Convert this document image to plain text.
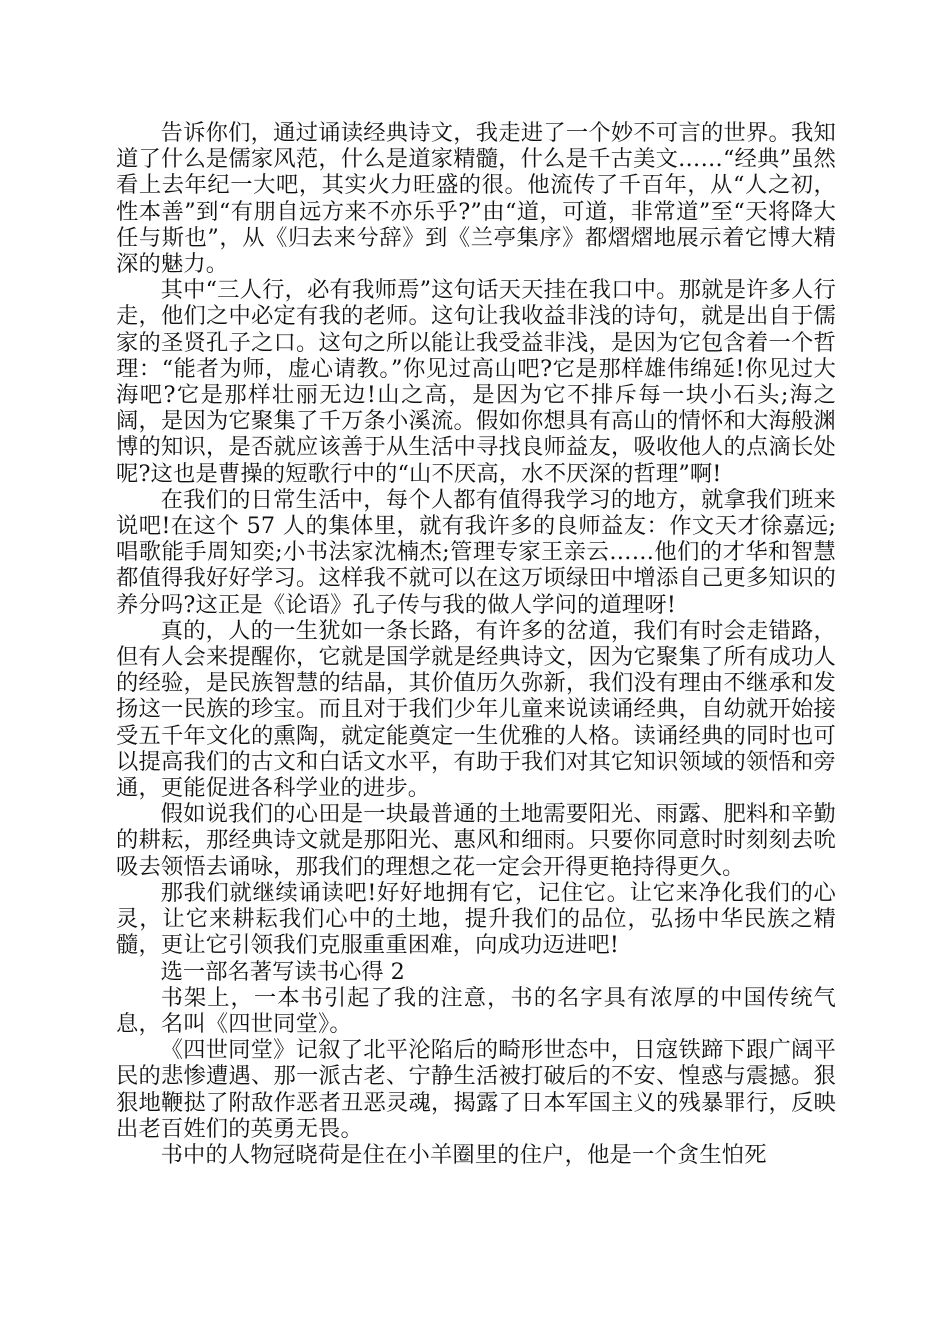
告诉你们，通过诵读经典诗文，我走进了一个妙不可言的世界。我知道了什么是儒家风范，什么是道家精髓，什么是千古美文……“经典”虽然看上去年纪一大吧，其实火力旺盛的很。他流传了千百年，从“人之初，性本善”到“有朋自远方来不亦乐乎?”由“道，可道，非常道”至“天将降大任与斯也”，从《归去来兮辞》到《兰亭集序》都熠熠地展示着它博大精深的魅力。

其中“三人行，必有我师焉”这句话天天挂在我口中。那就是许多人行走，他们之中必定有我的老师。这句让我收益非浅的诗句，就是出自于儒家的圣贤孔子之口。这句之所以能让我受益非浅，是因为它包含着一个哲理：“能者为师，虚心请教。”你见过高山吧?它是那样雄伟绵延!你见过大海吧?它是那样壮丽无边!山之高，是因为它不排斥每一块小石头;海之阔，是因为它聚集了千万条小溪流。假如你想具有高山的情怀和大海般渊博的知识，是否就应该善于从生活中寻找良师益友，吸收他人的点滴长处呢?这也是曹操的短歌行中的“山不厌高，水不厌深的哲理”啊!

在我们的日常生活中，每个人都有值得我学习的地方，就拿我们班来说吧!在这个 57 人的集体里，就有我许多的良师益友：作文天才徐嘉远;唱歌能手周知奕;小书法家沈楠杰;管理专家王亲云……他们的才华和智慧都值得我好好学习。这样我不就可以在这万顷绿田中增添自己更多知识的养分吗?这正是《论语》孔子传与我的做人学问的道理呀!

真的，人的一生犹如一条长路，有许多的岔道，我们有时会走错路，但有人会来提醒你，它就是国学就是经典诗文，因为它聚集了所有成功人的经验，是民族智慧的结晶，其价值历久弥新，我们没有理由不继承和发扬这一民族的珍宝。而且对于我们少年儿童来说读诵经典，自幼就开始接受五千年文化的熏陶，就定能奠定一生优雅的人格。读诵经典的同时也可以提高我们的古文和白话文水平，有助于我们对其它知识领域的领悟和旁通，更能促进各科学业的进步。

假如说我们的心田是一块最普通的土地需要阳光、雨露、肥料和辛勤的耕耘，那经典诗文就是那阳光、惠风和细雨。只要你同意时时刻刻去吮吸去领悟去诵咏，那我们的理想之花一定会开得更艳持得更久。

那我们就继续诵读吧!好好地拥有它，记住它。让它来净化我们的心灵，让它来耕耘我们心中的土地，提升我们的品位，弘扬中华民族之精髓，更让它引领我们克服重重困难，向成功迈进吧!

选一部名著写读书心得 2

书架上，一本书引起了我的注意，书的名字具有浓厚的中国传统气息，名叫《四世同堂》。

《四世同堂》记叙了北平沦陷后的畸形世态中，日寇铁蹄下跟广阔平民的悲惨遭遇、那一派古老、宁静生活被打破后的不安、惶惑与震撼。狠狠地鞭挞了附敌作恶者丑恶灵魂，揭露了日本军国主义的残暴罪行，反映出老百姓们的英勇无畏。

书中的人物冠晓荷是住在小羊圈里的住户，他是一个贪生怕死
